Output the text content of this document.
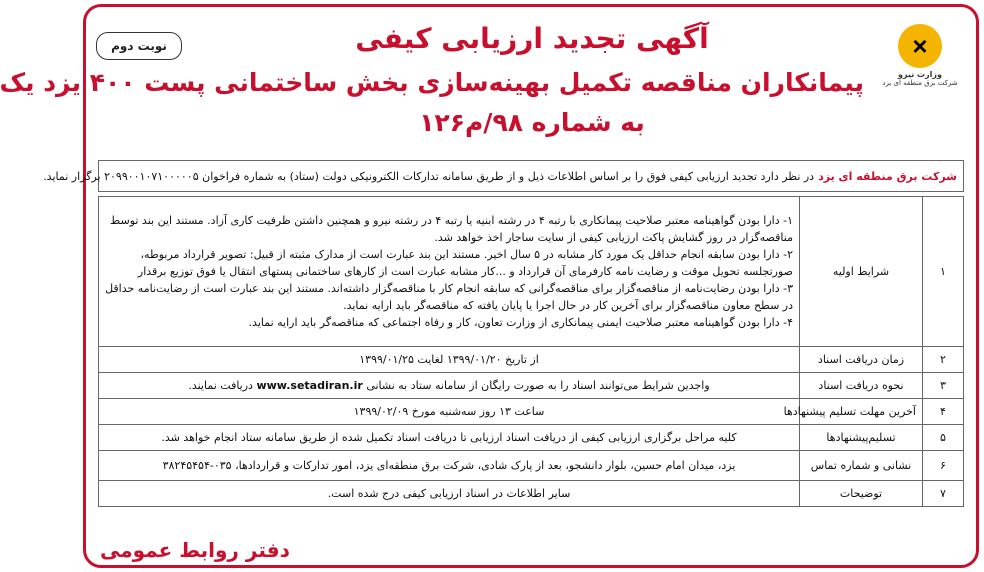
×
وزارت نیرو
شرکت برق منطقه ای یزد
نوبت دوم	آگهی تجدید ارزیابی کیفی
پیمانکاران مناقصه تکمیل بهینه‌سازی بخش ساختمانی پست ۴۰۰ یزد یک
به شماره ۹۸/م۱۲۶
شرکت برق منطقه ای یزد
در نظر دارد تجدید ارزیابی کیفی فوق را بر اساس اطلاعات ذیل و از طریق سامانه تدارکات الکترونیکی دولت (ستاد) به شماره فراخوان ۲۰۹۹۰۰۱۰۷۱۰۰۰۰۰۵ برگزار نماید.
۱	شرایط اولیه	۱- دارا بودن گواهینامه معتبر صلاحیت پیمانکاری با رتبه ۴ در رشته ابنیه یا رتبه ۴ در رشته نیرو و همچنین داشتن ظرفیت کاری آزاد. مستند این بند توسط مناقصه‌گزار در روز گشایش پاکت ارزیابی کیفی از سایت ساجار اخذ خواهد شد.

۲- دارا بودن سابقه انجام حداقل یک مورد کار مشابه در ۵ سال اخیر. مستند این بند عبارت است از مدارک مثبته از قبیل: تصویر قرارداد مربوطه، صورتجلسه تحویل موقت و رضایت نامه کارفرمای آن قرارداد و ...کار مشابه عبارت است از کارهای ساختمانی پستهای انتقال یا فوق توزیع برقدار

۳- دارا بودن رضایت‌نامه از مناقصه‌گزار برای مناقصه‌گرانی که سابقه انجام کار با مناقصه‌گزار داشته‌اند. مستند این بند عبارت است از رضایت‌نامه حداقل در سطح معاون مناقصه‌گزار برای آخرین کار در حال اجرا یا پایان یافته که مناقصه‌گر باید ارایه نماید.

۴- دارا بودن گواهینامه معتبر صلاحیت ایمنی پیمانکاری از وزارت تعاون، کار و رفاه اجتماعی که مناقصه‌گر باید ارایه نماید.

۲	زمان دریافت اسناد	از تاریخ ۱۳۹۹/۰۱/۲۰ لغایت ۱۳۹۹/۰۱/۲۵
۳	نحوه دریافت اسناد	واجدین شرایط می‌توانند اسناد را به صورت رایگان از سامانه ستاد به نشانی www.setadiran.ir دریافت نمایند.
۴	آخرین مهلت تسلیم پیشنهادها	ساعت ۱۳ روز سه‌شنبه مورخ ۱۳۹۹/۰۲/۰۹
۵	تسلیم‌پیشنهادها	کلیه مراحل برگزاری ارزیابی کیفی از دریافت اسناد ارزیابی تا دریافت اسناد تکمیل شده از طریق سامانه ستاد انجام خواهد شد.
۶	نشانی و شماره تماس	یزد، میدان امام حسین، بلوار دانشجو، بعد از پارک شادی، شرکت برق منطقه‌ای یزد، امور تدارکات و قراردادها، ۰۳۵-۳۸۲۴۵۴۵۴
۷	توضیحات	سایر اطلاعات در اسناد ارزیابی کیفی درج شده است.
دفتر روابط عمومی
